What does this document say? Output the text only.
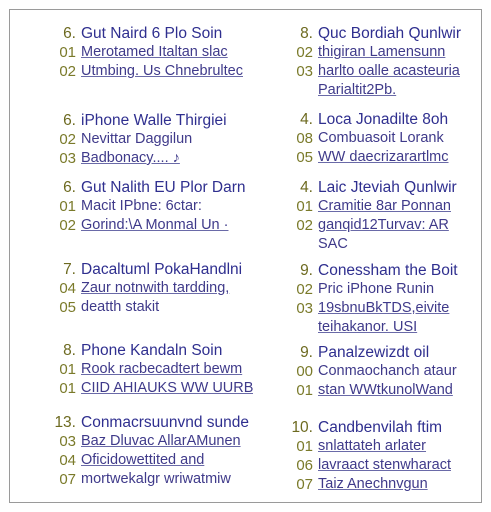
6. Gut Naird 6 Plo Soin
01 Merotamed Italtan slac
02 Utmbing. Us Chnebrultec
6. iPhone Walle Thirgiei
02 Nevittar Daggilun
03 Badbonacy.... ♪
6. Gut Nalith EU Plor Darn
01 Macit IPbne: 6ctar:
02 Gorind:\A Monmal Un ·
7. Dacaltuml PokaHandlni
04 Zaur notnwith tardding,
05 deatth stakit
8. Phone Kandaln Soin
01 Rook racbecadtert bewm
01 CIID AHIAUKS WW UURB
13. Conmacrsuunvnd sunde
03 Baz Dluvac AllarAMunen
04 Oficidowettited and
07 mortwekalgr wriwatmiw
8. Quc Bordiah Qunlwir
02 thigiran Lamensunn
03 harlto oalle acasteuria
Parialtit2Pb.
4. Loca Jonadilte 8oh
08 Combuasoit Lorank
05 WW daecrizarartlmc
4. Laic Jteviah Qunlwir
01 Cramitie 8ar Ponnan
02 ganqid12Turvav: AR
SAC
9. Conessham the Boit
02 Pric iPhone Runin
03 19sbnuBkTDS,eivite
teihakanor. USI
9. Panalzewizdt oil
00 Conmaochanch ataur
01 stan WWtkunolWand
10. Candbenvilah ftim
01 snlattateh arlater
06 lavraact stenwharact
07 Taiz Anechnvgun
